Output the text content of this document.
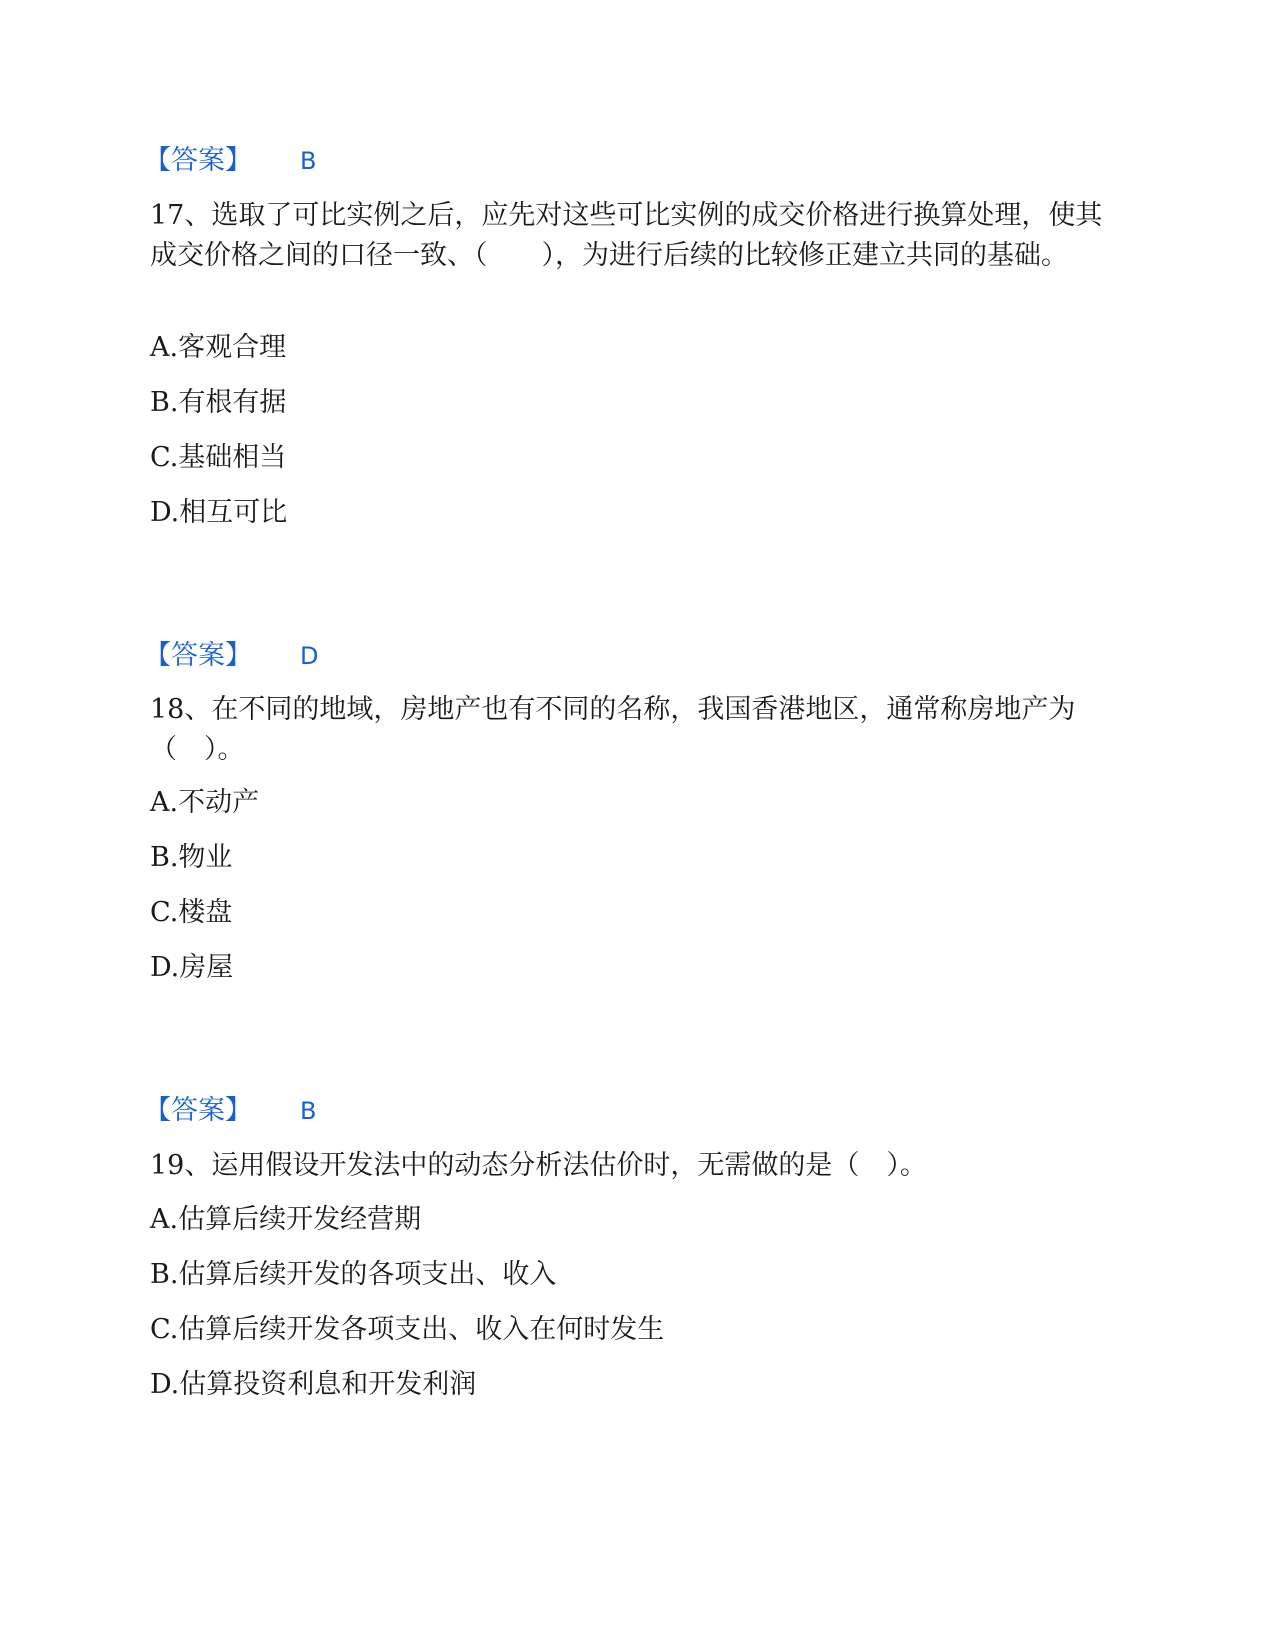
【答案】 B

17、选取了可比实例之后，应先对这些可比实例的成交价格进行换算处理，使其成交价格之间的口径一致、（　　），为进行后续的比较修正建立共同的基础。

A.客观合理
B.有根有据
C.基础相当
D.相互可比
【答案】 D

18、在不同的地域，房地产也有不同的名称，我国香港地区，通常称房地产为（　）。

A.不动产
B.物业
C.楼盘
D.房屋
【答案】 B

19、运用假设开发法中的动态分析法估价时，无需做的是（　）。

A.估算后续开发经营期
B.估算后续开发的各项支出、收入
C.估算后续开发各项支出、收入在何时发生
D.估算投资利息和开发利润
